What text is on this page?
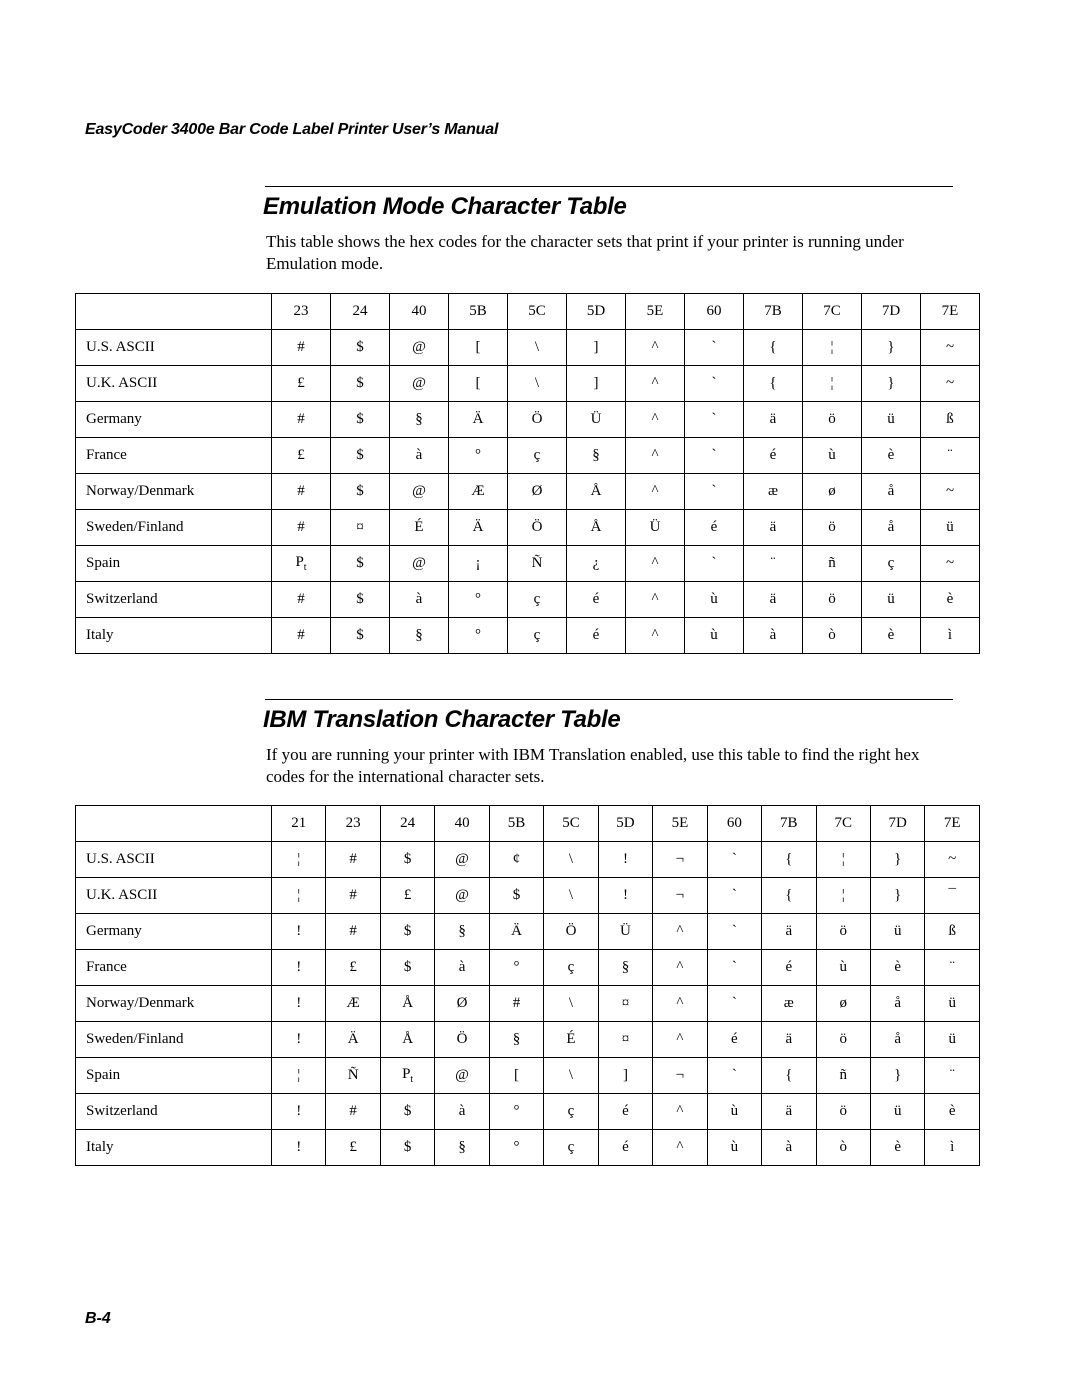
EasyCoder 3400e Bar Code Label Printer User’s Manual
Emulation Mode Character Table

This table shows the hex codes for the character sets that print if your printer is running under Emulation mode.

	23	24	40	5B	5C	5D	5E	60	7B	7C	7D	7E
U.S. ASCII	#	$	@	[	\	]	^	`	{	¦	}	~
U.K. ASCII	£	$	@	[	\	]	^	`	{	¦	}	~
Germany	#	$	§	Ä	Ö	Ü	^	`	ä	ö	ü	ß
France	£	$	à	°	ç	§	^	`	é	ù	è	¨
Norway/Denmark	#	$	@	Æ	Ø	Å	^	`	æ	ø	å	~
Sweden/Finland	#	¤	É	Ä	Ö	Å	Ü	é	ä	ö	å	ü
Spain	$P_t$	$	@	¡	Ñ	¿	^	`	¨	ñ	ç	~
Switzerland	#	$	à	°	ç	é	^	ù	ä	ö	ü	è
Italy	#	$	§	°	ç	é	^	ù	à	ò	è	ì
IBM Translation Character Table

If you are running your printer with IBM Translation enabled, use this table to find the right hex codes for the international character sets.

	21	23	24	40	5B	5C	5D	5E	60	7B	7C	7D	7E
U.S. ASCII	¦	#	$	@	¢	\	!	¬	`	{	¦	}	~
U.K. ASCII	¦	#	£	@	$	\	!	¬	`	{	¦	}	¯
Germany	!	#	$	§	Ä	Ö	Ü	^	`	ä	ö	ü	ß
France	!	£	$	à	°	ç	§	^	`	é	ù	è	¨
Norway/Denmark	!	Æ	Å	Ø	#	\	¤	^	`	æ	ø	å	ü
Sweden/Finland	!	Ä	Å	Ö	§	É	¤	^	é	ä	ö	å	ü
Spain	¦	Ñ	$P_t$	@	[	\	]	¬	`	{	ñ	}	¨
Switzerland	!	#	$	à	°	ç	é	^	ù	ä	ö	ü	è
Italy	!	£	$	§	°	ç	é	^	ù	à	ò	è	ì
B-4
